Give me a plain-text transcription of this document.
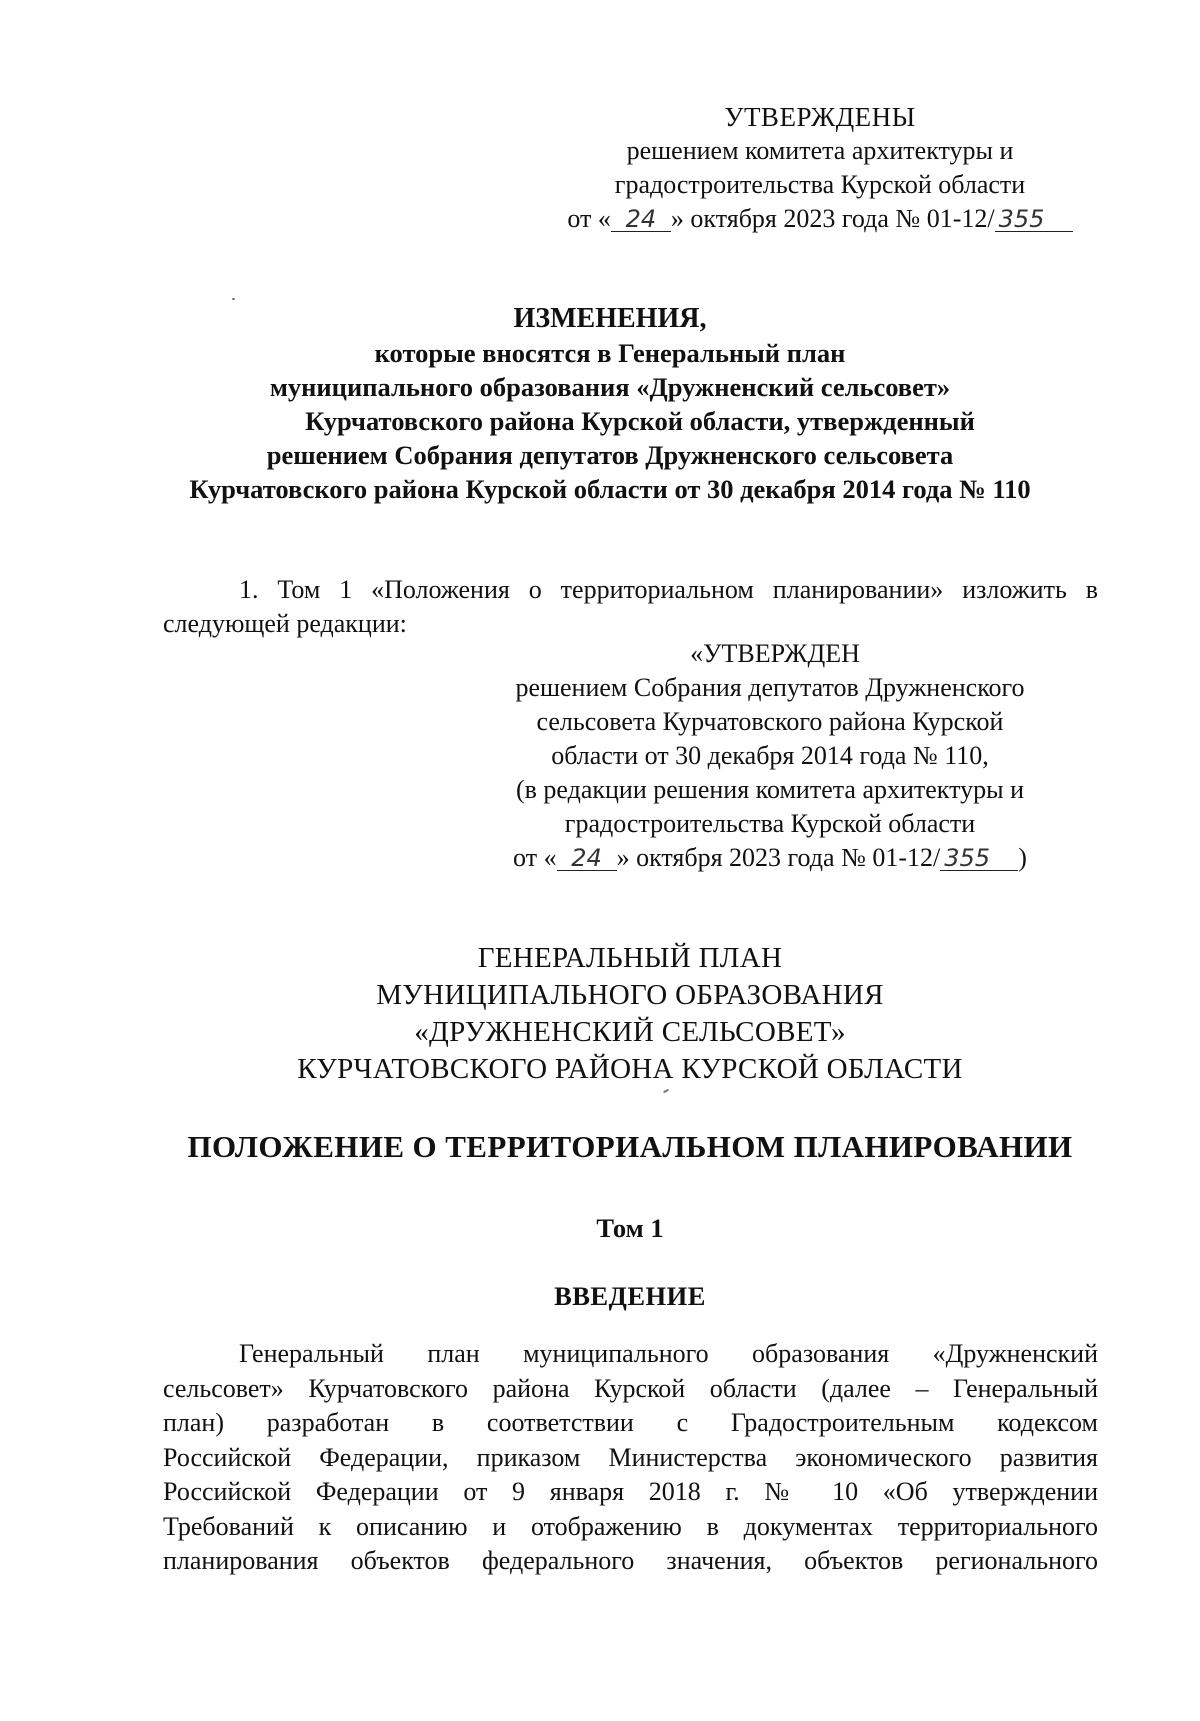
УТВЕРЖДЕНЫ
решением комитета архитектуры и
градостроительства Курской области
от « 24 » октября 2023 года № 01-12/ 355
ИЗМЕНЕНИЯ,
которые вносятся в Генеральный план
муниципального образования «Дружненский сельсовет»
Курчатовского района Курской области, утвержденный
решением Собрания депутатов Дружненского сельсовета
Курчатовского района Курской области от 30 декабря 2014 года № 110

1. Том 1 «Положения о территориальном планировании» изложить в следующей редакции:

«УТВЕРЖДЕН
решением Собрания депутатов Дружненского
сельсовета Курчатовского района Курской
области от 30 декабря 2014 года № 110,
(в редакции решения комитета архитектуры и
градостроительства Курской области
от « 24 » октября 2023 года № 01-12/ 355 )
ГЕНЕРАЛЬНЫЙ ПЛАН
МУНИЦИПАЛЬНОГО ОБРАЗОВАНИЯ
«ДРУЖНЕНСКИЙ СЕЛЬСОВЕТ»
КУРЧАТОВСКОГО РАЙОНА КУРСКОЙ ОБЛАСТИ
ПОЛОЖЕНИЕ О ТЕРРИТОРИАЛЬНОМ ПЛАНИРОВАНИИ
Том 1
ВВЕДЕНИЕ

Генеральный план муниципального образования «Дружненский

сельсовет» Курчатовского района Курской области (далее – Генеральный

план) разработан в соответствии с Градостроительным кодексом

Российской Федерации, приказом Министерства экономического развития

Российской Федерации от 9 января 2018 г. № 10 «Об утверждении

Требований к описанию и отображению в документах территориального

планирования объектов федерального значения, объектов регионального
